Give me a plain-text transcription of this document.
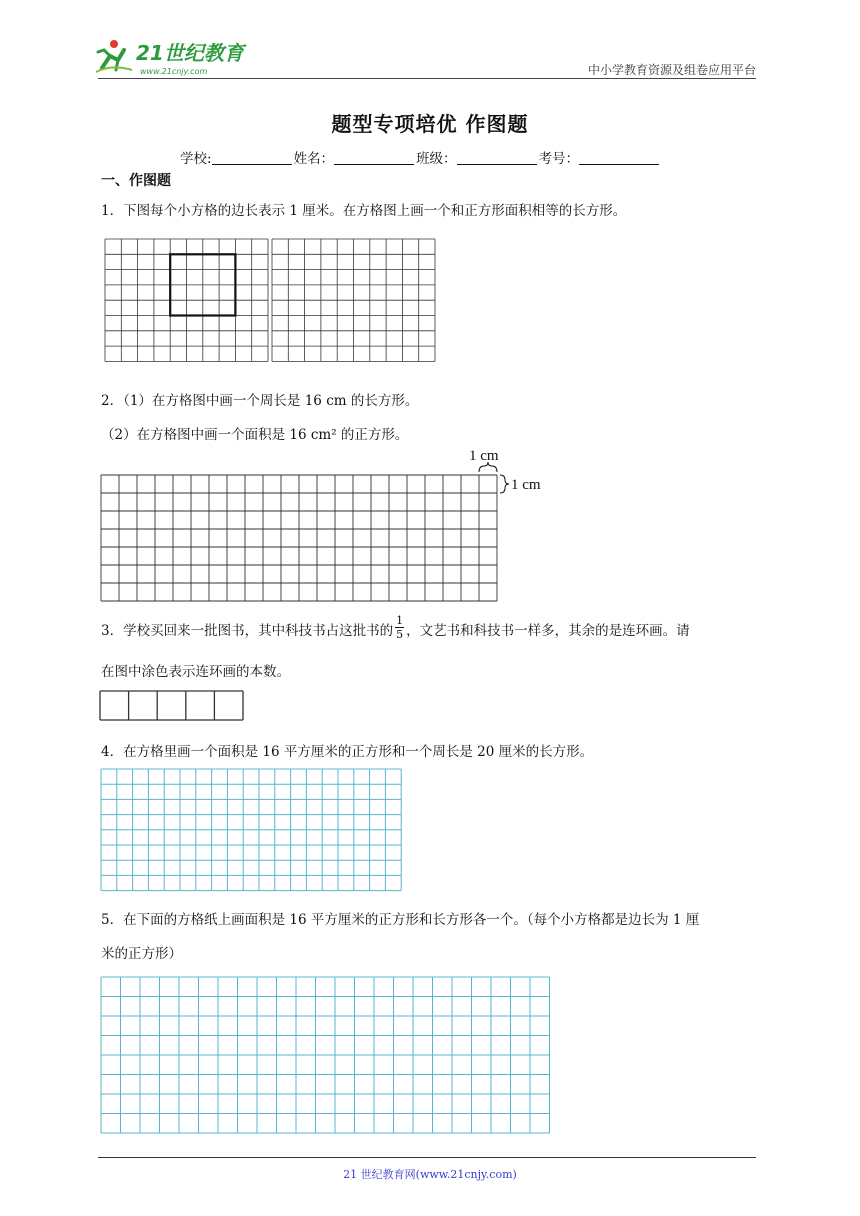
21世纪教育
www.21cnjy.com	中小学教育资源及组卷应用平台
题型专项培优 作图题
学校:	姓名：	班级：	考号：
一、作图题
1．下图每个小方格的边长表示 1 厘米。在方格图上画一个和正方形面积相等的长方形。
2．（1）在方格图中画一个周长是 16 cm 的长方形。
（2）在方格图中画一个面积是 16 cm² 的正方形。
1 cm
1 cm
3．学校买回来一批图书，其中科技书占这批书的 $\frac{1}{5}$ ，文艺书和科技书一样多，其余的是连环画。请
在图中涂色表示连环画的本数。
4．在方格里画一个面积是 16 平方厘米的正方形和一个周长是 20 厘米的长方形。
5．在下面的方格纸上画面积是 16 平方厘米的正方形和长方形各一个。（每个小方格都是边长为 1 厘
米的正方形）
21 世纪教育网(www.21cnjy.com)
